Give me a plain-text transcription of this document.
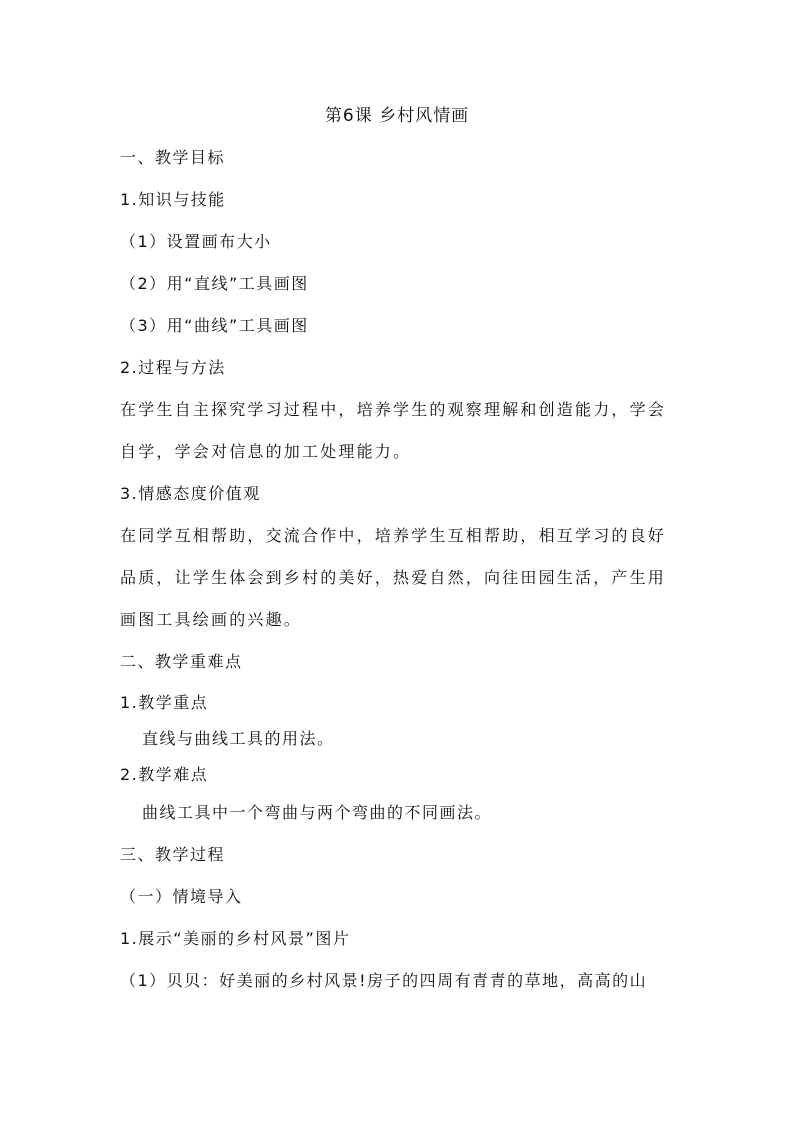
第6课 乡村风情画
一、教学目标
1.知识与技能
（1）设置画布大小
（2）用“直线”工具画图
（3）用“曲线”工具画图
2.过程与方法
在学生自主探究学习过程中，培养学生的观察理解和创造能力，学会
自学，学会对信息的加工处理能力。
3.情感态度价值观
在同学互相帮助，交流合作中，培养学生互相帮助，相互学习的良好
品质，让学生体会到乡村的美好，热爱自然，向往田园生活，产生用
画图工具绘画的兴趣。
二、教学重难点
1.教学重点
直线与曲线工具的用法。
2.教学难点
曲线工具中一个弯曲与两个弯曲的不同画法。
三、教学过程
（一）情境导入
1.展示“美丽的乡村风景”图片
（1）贝贝：好美丽的乡村风景!房子的四周有青青的草地，高高的山
